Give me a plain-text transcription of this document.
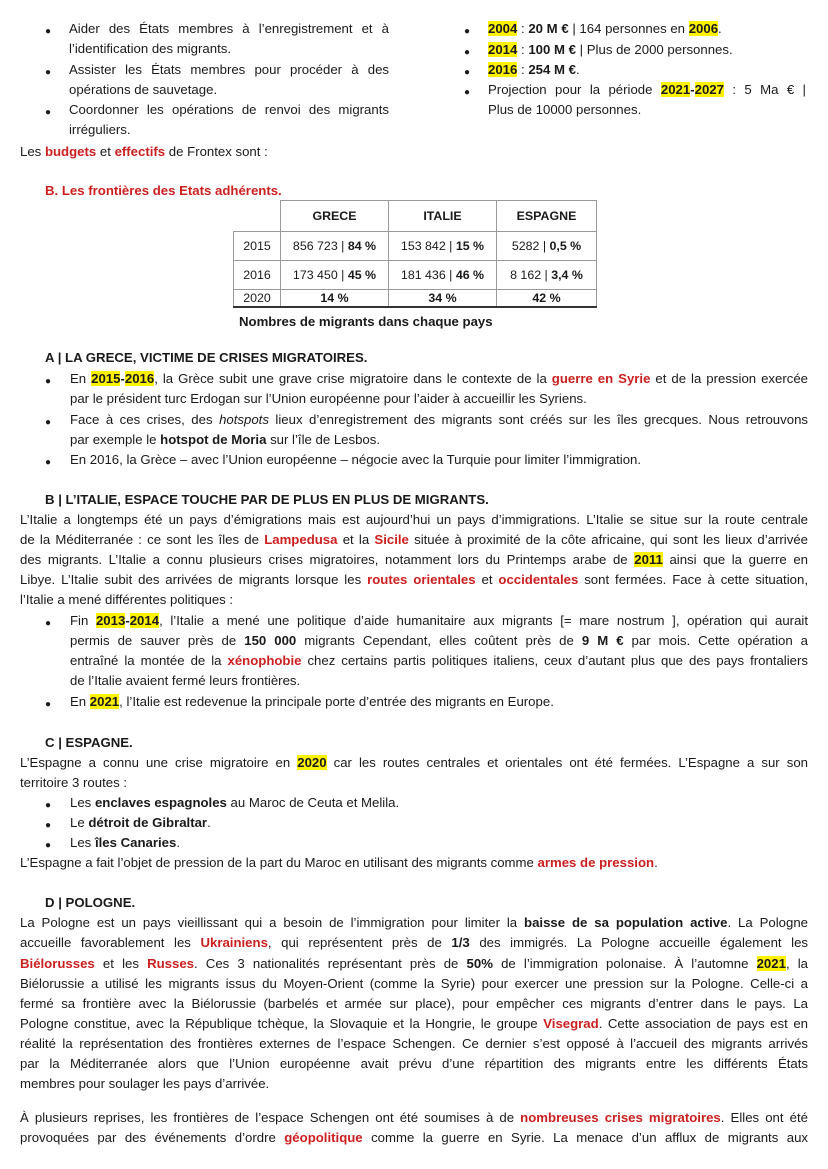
● Aider des États membres à l’enregistrement et à
l’identification des migrants.
● Assister les États membres pour procéder à des
opérations de sauvetage.
● Coordonner les opérations de renvoi des migrants
irréguliers.
Les budgets et effectifs de Frontex sont :
● 2004 : 20 M € | 164 personnes en 2006.
● 2014 : 100 M € | Plus de 2000 personnes.
● 2016 : 254 M €.
● Projection pour la période 2021-2027 : 5 Ma € |
Plus de 10000 personnes.
B. Les frontières des Etats adhérents.
	GRECE	ITALIE	ESPAGNE
2015	856 723 | 84 %	153 842 | 15 %	5282 | 0,5 %
2016	173 450 | 45 %	181 436 | 46 %	8 162 | 3,4 %
2020	14 %	34 %	42 %
Nombres de migrants dans chaque pays
A | LA GRECE, VICTIME DE CRISES MIGRATOIRES.
● En 2015-2016, la Grèce subit une grave crise migratoire dans le contexte de la guerre en Syrie et de la pression exercée
par le président turc Erdogan sur l’Union européenne pour l’aider à accueillir les Syriens.
● Face à ces crises, des hotspots lieux d’enregistrement des migrants sont créés sur les îles grecques. Nous retrouvons
par exemple le hotspot de Moria sur l’île de Lesbos.
● En 2016, la Grèce – avec l’Union européenne – négocie avec la Turquie pour limiter l’immigration.
B | L’ITALIE, ESPACE TOUCHE PAR DE PLUS EN PLUS DE MIGRANTS.
L’Italie a longtemps été un pays d’émigrations mais est aujourd’hui un pays d’immigrations. L’Italie se situe sur la route centrale
de la Méditerranée : ce sont les îles de Lampedusa et la Sicile située à proximité de la côte africaine, qui sont les lieux d’arrivée
des migrants. L’Italie a connu plusieurs crises migratoires, notamment lors du Printemps arabe de 2011 ainsi que la guerre en
Libye. L’Italie subit des arrivées de migrants lorsque les routes orientales et occidentales sont fermées. Face à cette situation,
l’Italie a mené différentes politiques :
● Fin 2013-2014, l’Italie a mené une politique d’aide humanitaire aux migrants [= mare nostrum ], opération qui aurait
permis de sauver près de 150 000 migrants Cependant, elles coûtent près de 9 M € par mois. Cette opération a
entraîné la montée de la xénophobie chez certains partis politiques italiens, ceux d’autant plus que des pays frontaliers
de l’Italie avaient fermé leurs frontières.
● En 2021, l’Italie est redevenue la principale porte d’entrée des migrants en Europe.
C | ESPAGNE.
L’Espagne a connu une crise migratoire en 2020 car les routes centrales et orientales ont été fermées. L’Espagne a sur son
territoire 3 routes :
● Les enclaves espagnoles au Maroc de Ceuta et Melila.
● Le détroit de Gibraltar.
● Les îles Canaries.
L’Espagne a fait l’objet de pression de la part du Maroc en utilisant des migrants comme armes de pression.
D | POLOGNE.
La Pologne est un pays vieillissant qui a besoin de l’immigration pour limiter la baisse de sa population active. La Pologne
accueille favorablement les Ukrainiens, qui représentent près de 1/3 des immigrés. La Pologne accueille également les
Biélorusses et les Russes. Ces 3 nationalités représentant près de 50% de l’immigration polonaise. À l’automne 2021, la
Biélorussie a utilisé les migrants issus du Moyen-Orient (comme la Syrie) pour exercer une pression sur la Pologne. Celle-ci a
fermé sa frontière avec la Biélorussie (barbelés et armée sur place), pour empêcher ces migrants d’entrer dans le pays. La
Pologne constitue, avec la République tchèque, la Slovaquie et la Hongrie, le groupe Visegrad. Cette association de pays est en
réalité la représentation des frontières externes de l’espace Schengen. Ce dernier s’est opposé à l’accueil des migrants arrivés
par la Méditerranée alors que l’Union européenne avait prévu d’une répartition des migrants entre les différents États
membres pour soulager les pays d’arrivée.
À plusieurs reprises, les frontières de l’espace Schengen ont été soumises à de nombreuses crises migratoires. Elles ont été
provoquées par des événements d’ordre géopolitique comme la guerre en Syrie. La menace d’un afflux de migrants aux
